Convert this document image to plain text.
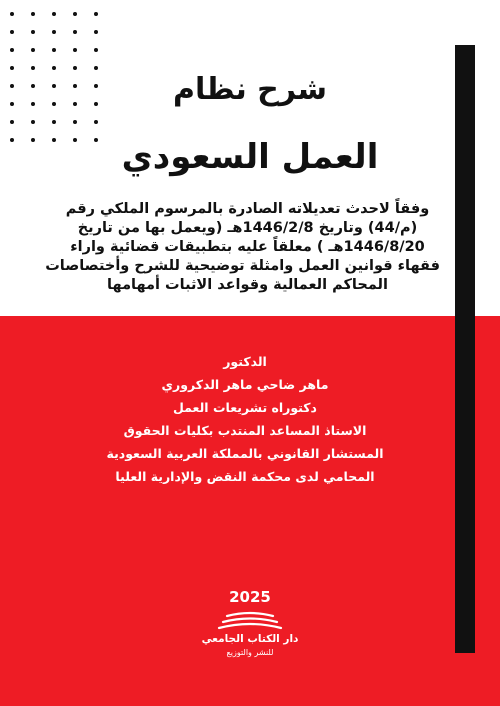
شرح نظام
العمل السعودي
وفقاً لاحدث تعديلاته الصادرة بالمرسوم الملكي رقم
(م/44) وتاريخ 1446/2/8هـ (ويعمل بها من تاريخ
1446/8/20هـ ) معلقاً عليه بتطبيقات قضائية واراء
فقهاء قوانين العمل وامثلة توضيحية للشرح وأختصاصات
المحاكم العمالية وقواعد الاثبات أمهامها
الدكتور
ماهر ضاحي ماهر الدكروري
دكتوراه تشريعات العمل
الاستاذ المساعد المنتدب بكليات الحقوق
المستشار القانوني بالمملكة العربية السعودية
المحامي لدى محكمة النقض والإدارية العليا
2025
دار الكتاب الجامعي
للنشر والتوزيع
